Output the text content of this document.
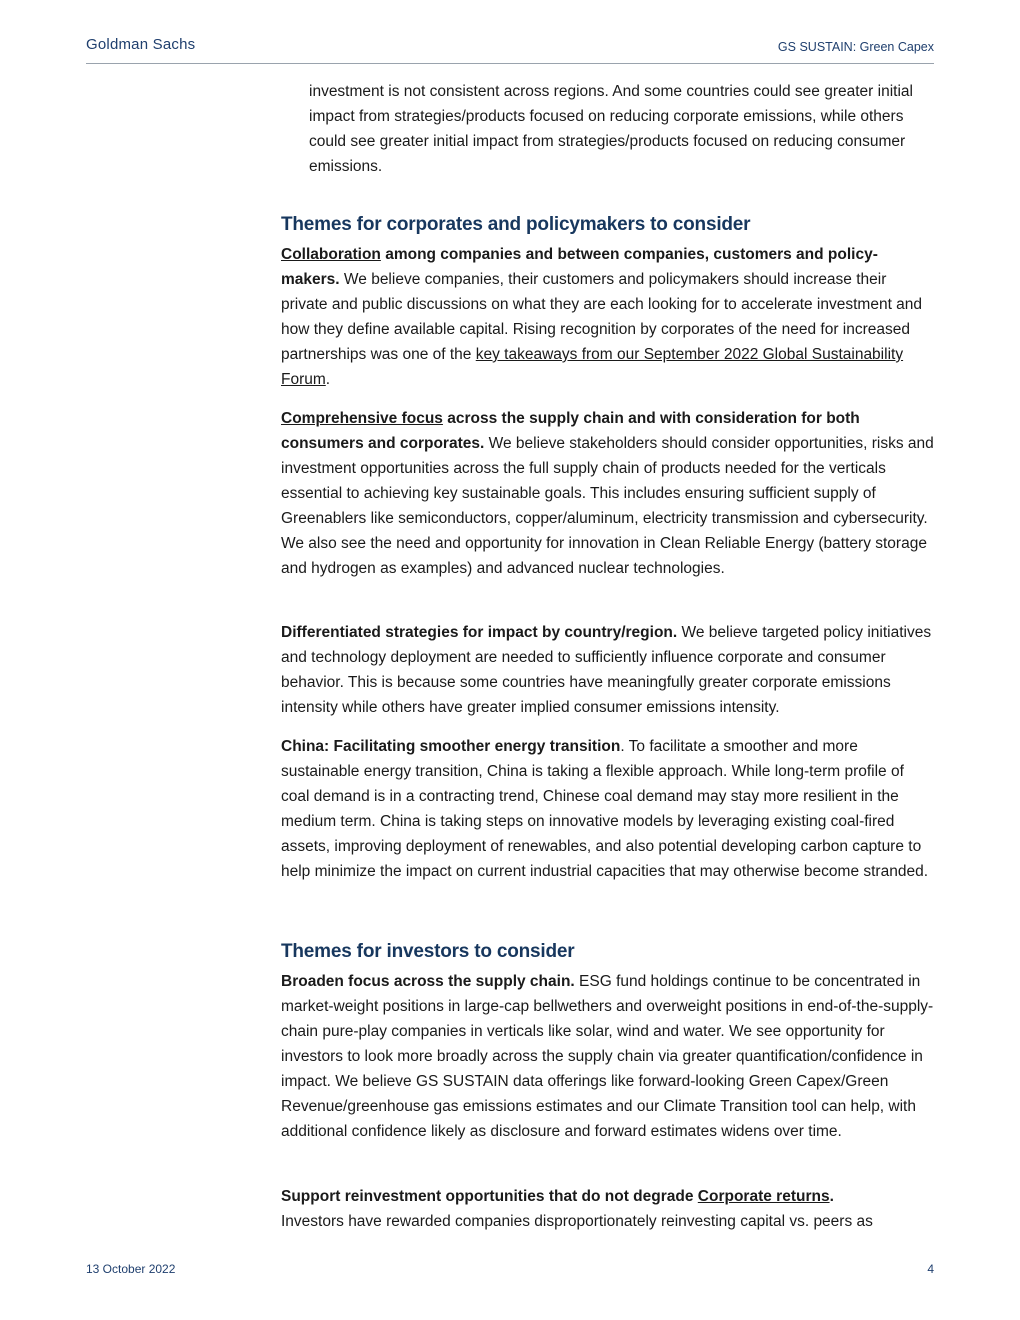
Goldman Sachs	GS SUSTAIN: Green Capex

investment is not consistent across regions. And some countries could see greater initial impact from strategies/products focused on reducing corporate emissions, while others could see greater initial impact from strategies/products focused on reducing consumer emissions.

Themes for corporates and policymakers to consider

Collaboration among companies and between companies, customers and policy-makers. We believe companies, their customers and policymakers should increase their private and public discussions on what they are each looking for to accelerate investment and how they define available capital. Rising recognition by corporates of the need for increased partnerships was one of the key takeaways from our September 2022 Global Sustainability Forum.

Comprehensive focus across the supply chain and with consideration for both consumers and corporates. We believe stakeholders should consider opportunities, risks and investment opportunities across the full supply chain of products needed for the verticals essential to achieving key sustainable goals. This includes ensuring sufficient supply of Greenablers like semiconductors, copper/aluminum, electricity transmission and cybersecurity. We also see the need and opportunity for innovation in Clean Reliable Energy (battery storage and hydrogen as examples) and advanced nuclear technologies.

Differentiated strategies for impact by country/region. We believe targeted policy initiatives and technology deployment are needed to sufficiently influence corporate and consumer behavior. This is because some countries have meaningfully greater corporate emissions intensity while others have greater implied consumer emissions intensity.

China: Facilitating smoother energy transition. To facilitate a smoother and more sustainable energy transition, China is taking a flexible approach. While long-term profile of coal demand is in a contracting trend, Chinese coal demand may stay more resilient in the medium term. China is taking steps on innovative models by leveraging existing coal-fired assets, improving deployment of renewables, and also potential developing carbon capture to help minimize the impact on current industrial capacities that may otherwise become stranded.

Themes for investors to consider

Broaden focus across the supply chain. ESG fund holdings continue to be concentrated in market-weight positions in large-cap bellwethers and overweight positions in end-of-the-supply-chain pure-play companies in verticals like solar, wind and water. We see opportunity for investors to look more broadly across the supply chain via greater quantification/confidence in impact. We believe GS SUSTAIN data offerings like forward-looking Green Capex/Green Revenue/greenhouse gas emissions estimates and our Climate Transition tool can help, with additional confidence likely as disclosure and forward estimates widens over time.

Support reinvestment opportunities that do not degrade Corporate returns.
Investors have rewarded companies disproportionately reinvesting capital vs. peers as

13 October 2022	4
